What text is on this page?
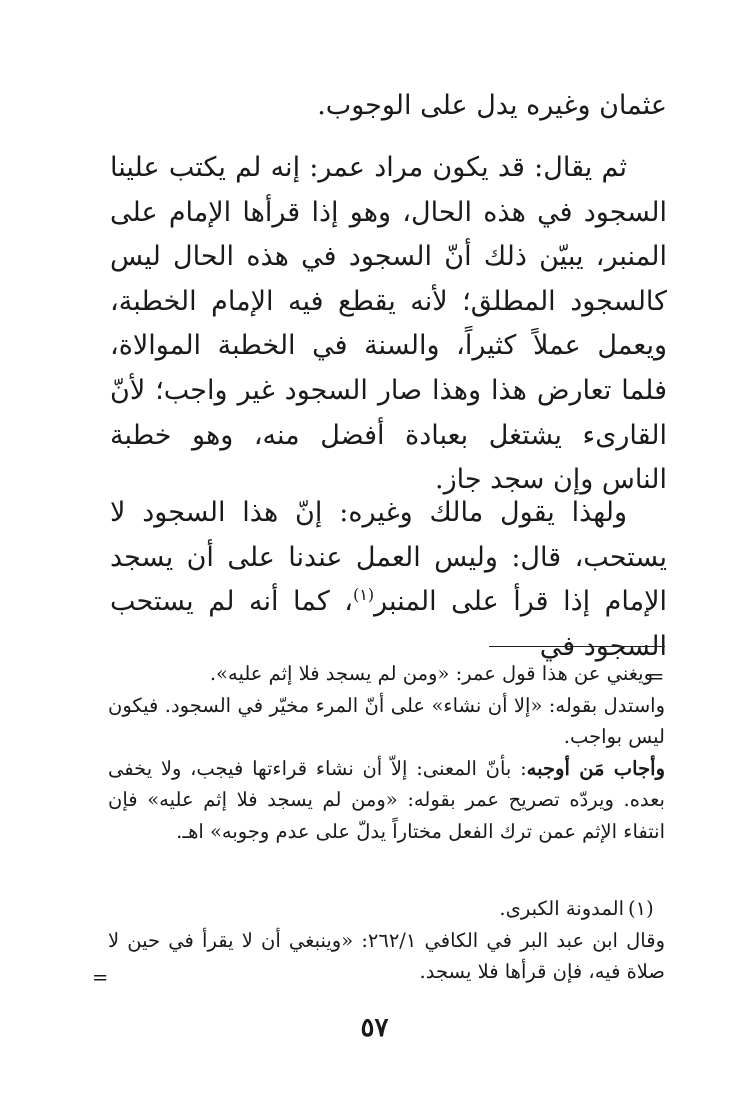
عثمان وغيره يدل على الوجوب.

ثم يقال: قد يكون مراد عمر: إنه لم يكتب علينا السجود في هذه الحال، وهو إذا قرأها الإمام على المنبر، يبيّن ذلك أنّ السجود في هذه الحال ليس كالسجود المطلق؛ لأنه يقطع فيه الإمام الخطبة، ويعمل عملاً كثيراً، والسنة في الخطبة الموالاة، فلما تعارض هذا وهذا صار السجود غير واجب؛ لأنّ القارىء يشتغل بعبادة أفضل منه، وهو خطبة الناس وإن سجد جاز.

ولهذا يقول مالك وغيره: إنّ هذا السجود لا يستحب، قال: وليس العمل عندنا على أن يسجد الإمام إذا قرأ على المنبر$^{(١)}$، كما أنه لم يستحب السجود في

=

ويغني عن هذا قول عمر: «ومن لم يسجد فلا إثم عليه».

واستدل بقوله: «إلا أن نشاء» على أنّ المرء مخيّر في السجود. فيكون ليس بواجب.

وأجاب مَن أوجبه: بأنّ المعنى: إلاّ أن نشاء قراءتها فيجب، ولا يخفى بعده. ويردّه تصريح عمر بقوله: «ومن لم يسجد فلا إثم عليه» فإن انتفاء الإثم عمن ترك الفعل مختاراً يدلّ على عدم وجوبه» اهـ.

(١)

المدونة الكبرى.

وقال ابن عبد البر في الكافي ٢٦٢/١: «وينبغي أن لا يقرأ في حين لا صلاة فيه، فإن قرأها فلا يسجد.

=
٥٧
